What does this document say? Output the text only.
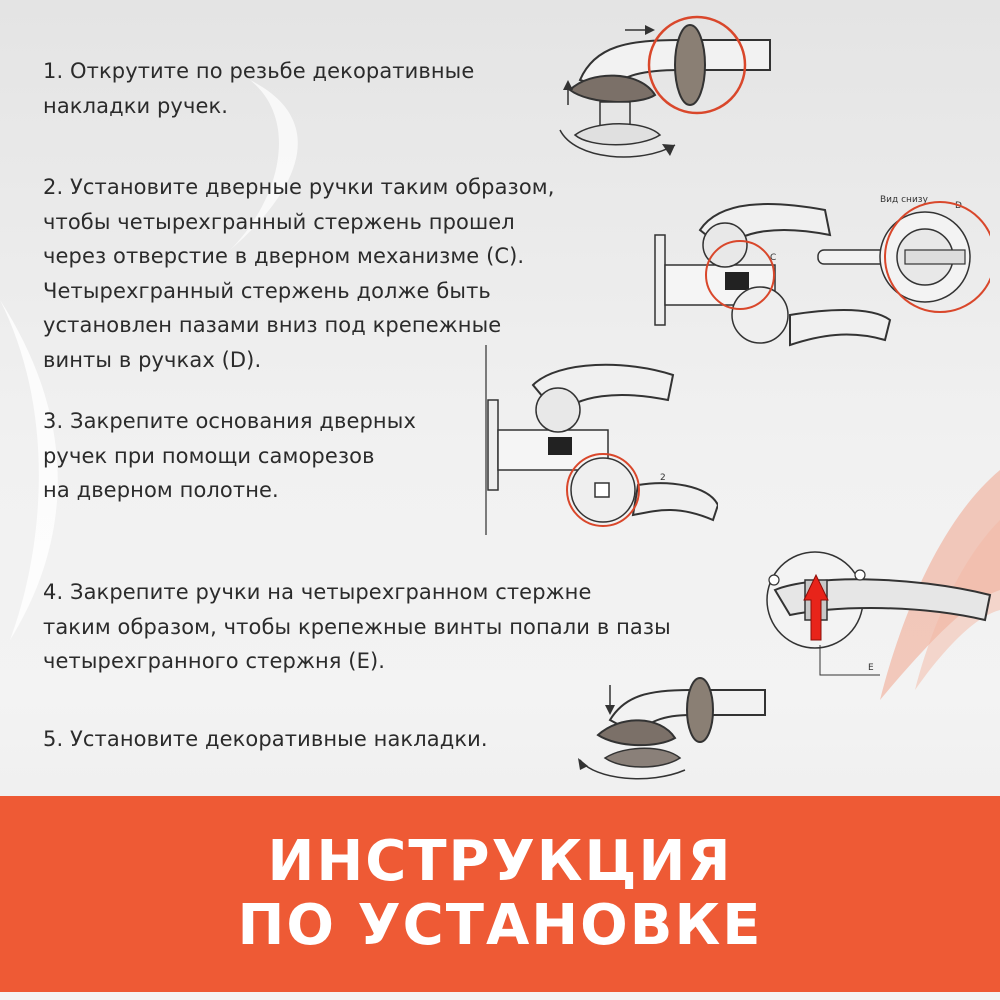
1. Открутите по резьбе декоративные
накладки ручек.

2. Установите дверные ручки таким образом,
чтобы четырехгранный стержень прошел
через отверстие в дверном механизме (С).
Четырехгранный стержень долже быть
установлен пазами вниз под крепежные
винты в ручках (D).

3. Закрепите основания дверных
ручек при помощи саморезов
на дверном полотне.

4. Закрепите ручки на четырехгранном стержне
таким образом, чтобы крепежные винты попали в пазы
четырехгранного стержня (Е).

5. Установите декоративные накладки.

C
Вид снизу
D
2
E
ИНСТРУКЦИЯ
ПО УСТАНОВКЕ
